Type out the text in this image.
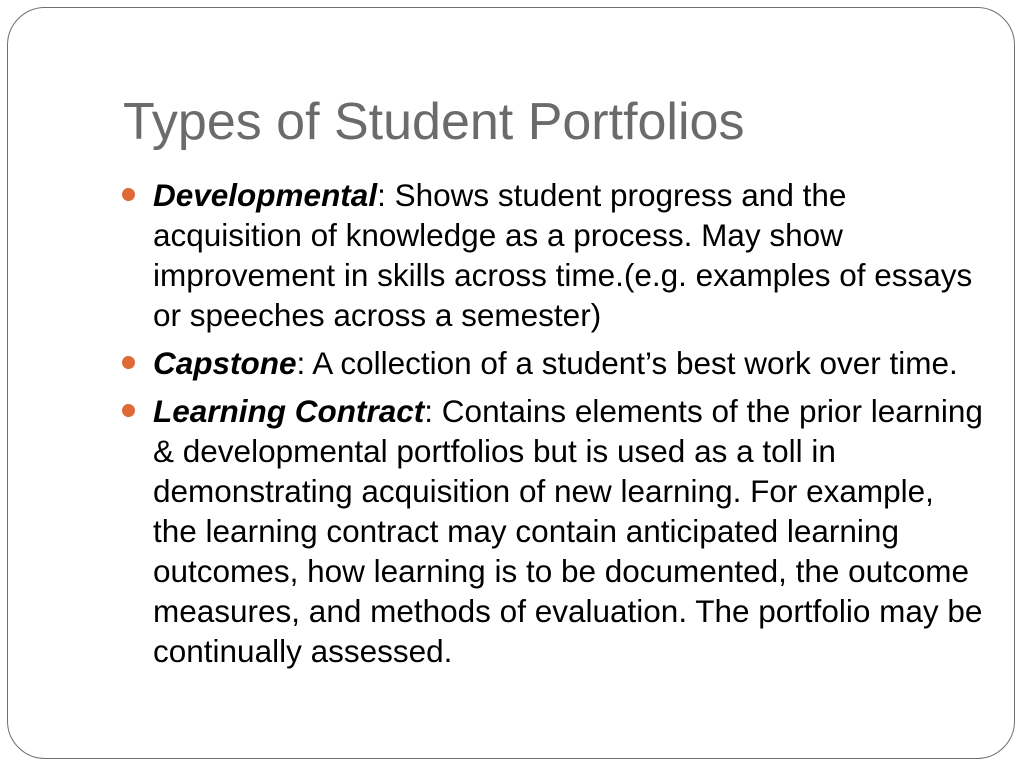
Types of Student Portfolios
Developmental: Shows student progress and the acquisition of knowledge as a process. May show improvement in skills across time.(e.g. examples of essays or speeches across a semester)
Capstone: A collection of a student’s best work over time.
Learning Contract: Contains elements of the prior learning & developmental portfolios but is used as a toll in demonstrating acquisition of new learning. For example, the learning contract may contain anticipated learning outcomes, how learning is to be documented, the outcome measures, and methods of evaluation. The portfolio may be continually assessed.
